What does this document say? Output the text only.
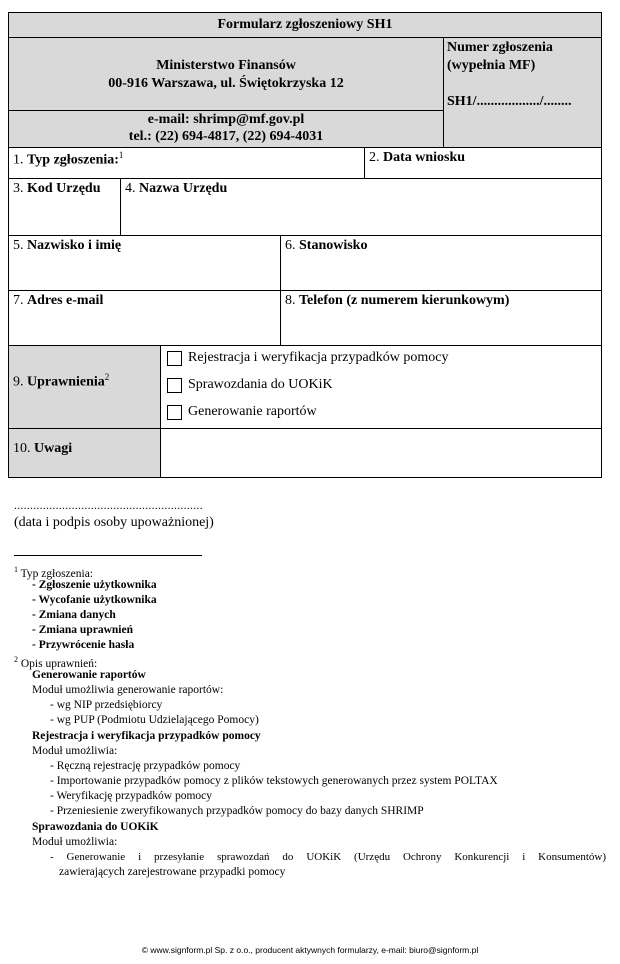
Formularz zgłoszeniowy SH1
Ministerstwo Finansów
00-916 Warszawa, ul. Świętokrzyska 12
e-mail: shrimp@mf.gov.pl
tel.: (22) 694-4817, (22) 694-4031
Numer zgłoszenia
(wypełnia MF)
SH1/................../........
1. Typ zgłoszenia:$^1$	2. Data wniosku
3. Kod Urzędu 4. Nazwa Urzędu
5. Nazwisko i imię	6. Stanowisko
7. Adres e-mail	8. Telefon (z numerem kierunkowym)
9. Uprawnienia$^2$
Rejestracja i weryfikacja przypadków pomocy
Sprawozdania do UOKiK
Generowanie raportów
10. Uwagi
...........................................................
(data i podpis osoby upoważnionej)
$^1$ Typ zgłoszenia:
- Zgłoszenie użytkownika
- Wycofanie użytkownika
- Zmiana danych
- Zmiana uprawnień
- Przywrócenie hasła
$^2$ Opis uprawnień:
Generowanie raportów
Moduł umożliwia generowanie raportów:
- wg NIP przedsiębiorcy
- wg PUP (Podmiotu Udzielającego Pomocy)
Rejestracja i weryfikacja przypadków pomocy
Moduł umożliwia:
- Ręczną rejestrację przypadków pomocy
- Importowanie przypadków pomocy z plików tekstowych generowanych przez system POLTAX
- Weryfikację przypadków pomocy
- Przeniesienie zweryfikowanych przypadków pomocy do bazy danych SHRIMP
Sprawozdania do UOKiK
Moduł umożliwia:
- Generowanie i przesyłanie sprawozdań do UOKiK (Urzędu Ochrony Konkurencji i Konsumentów)
zawierających zarejestrowane przypadki pomocy
© www.signform.pl Sp. z o.o., producent aktywnych formularzy, e-mail: biuro@signform.pl
